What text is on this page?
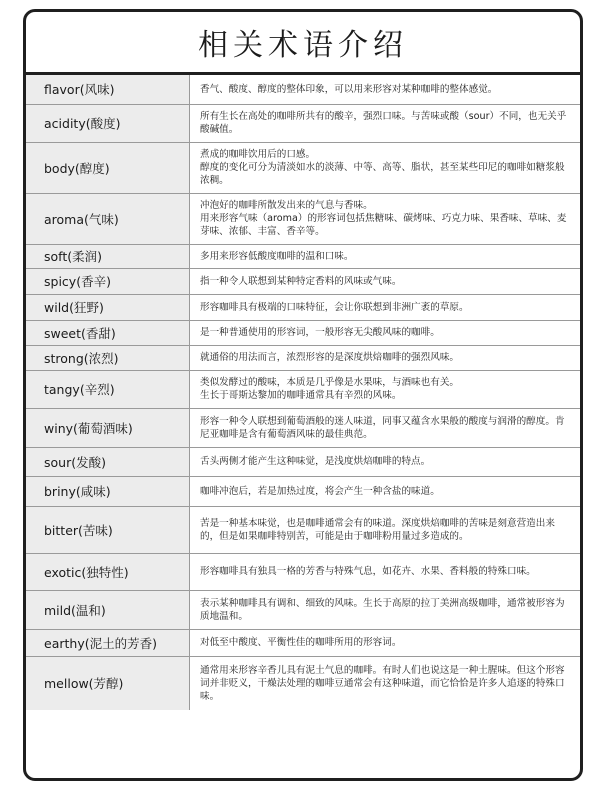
相关术语介绍
flavor(风味)	香气、酸度、醇度的整体印象，可以用来形容对某种咖啡的整体感觉。
acidity(酸度)	所有生长在高处的咖啡所共有的酸辛，强烈口味。与苦味或酸（sour）不同，也无关乎酸碱值。
body(醇度)	煮成的咖啡饮用后的口感。
醇度的变化可分为清淡如水的淡薄、中等、高等、脂状，甚至某些印尼的咖啡如糖浆般浓稠。
aroma(气味)	冲泡好的咖啡所散发出来的气息与香味。
用来形容气味（aroma）的形容词包括焦糖味、碳烤味、巧克力味、果香味、草味、麦芽味、浓郁、丰富、香辛等。
soft(柔润)	多用来形容低酸度咖啡的温和口味。
spicy(香辛)	指一种令人联想到某种特定香料的风味或气味。
wild(狂野)	形容咖啡具有极端的口味特征，会让你联想到非洲广袤的草原。
sweet(香甜)	是一种普通使用的形容词，一般形容无尖酸风味的咖啡。
strong(浓烈)	就通俗的用法而言，浓烈形容的是深度烘焙咖啡的强烈风味。
tangy(辛烈)	类似发酵过的酸味，本质是几乎像是水果味，与酒味也有关。
生长于哥斯达黎加的咖啡通常具有辛烈的风味。
winy(葡萄酒味)	形容一种令人联想到葡萄酒般的迷人味道，同事又蕴含水果般的酸度与润滑的醇度。肯尼亚咖啡是含有葡萄酒风味的最佳典范。
sour(发酸)	舌头两侧才能产生这种味觉，是浅度烘焙咖啡的特点。
briny(咸味)	咖啡冲泡后，若是加热过度，将会产生一种含盐的味道。
bitter(苦味)	苦是一种基本味觉，也是咖啡通常会有的味道。深度烘焙咖啡的苦味是刻意营造出来的，但是如果咖啡特别苦，可能是由于咖啡粉用量过多造成的。
exotic(独特性)	形容咖啡具有独具一格的芳香与特殊气息，如花卉、水果、香料般的特殊口味。
mild(温和)	表示某种咖啡具有调和、细致的风味。生长于高原的拉丁美洲高级咖啡，通常被形容为质地温和。
earthy(泥土的芳香)	对低至中酸度、平衡性佳的咖啡所用的形容词。
mellow(芳醇)	通常用来形容辛香儿具有泥土气息的咖啡。有时人们也说这是一种土腥味。但这个形容词并非贬义，干燥法处理的咖啡豆通常会有这种味道，而它恰恰是许多人追逐的特殊口味。
